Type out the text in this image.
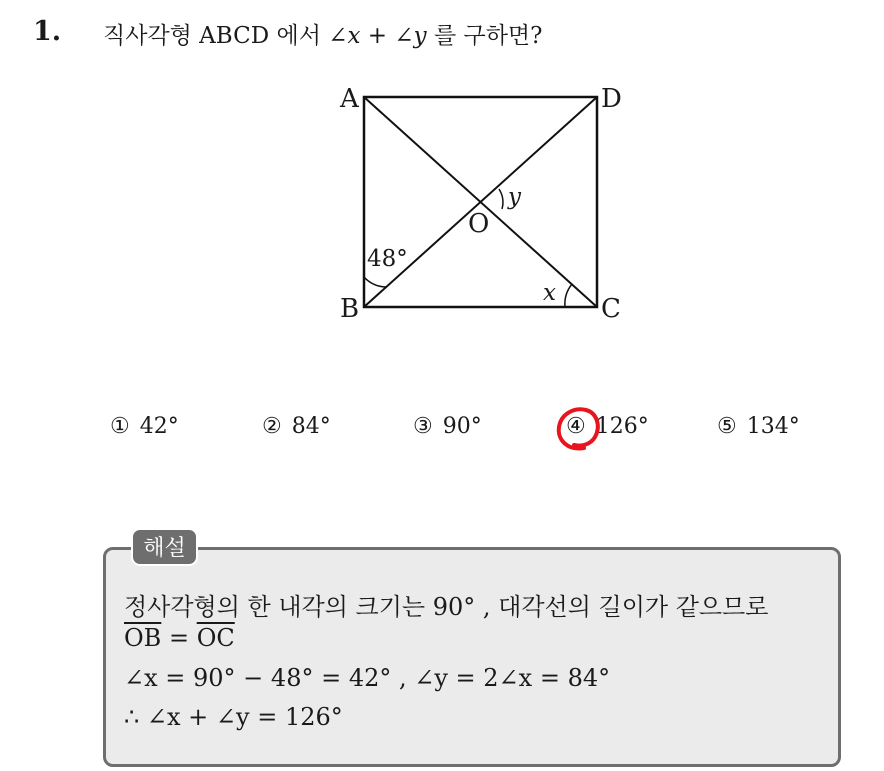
1. 직사각형 ABCD 에서 ∠x + ∠y 를 구하면?
A	D
B	C
O
48°
x
y
① 42°	② 84°	③ 90°	④ 126°	⑤ 134°
해설
정사각형의 한 내각의 크기는 90° , 대각선의 길이가 같으므로
$\overline{OB} = \overline{OC}$
∠x = 90° − 48° = 42° , ∠y = 2∠x = 84°
∴ ∠x + ∠y = 126°
